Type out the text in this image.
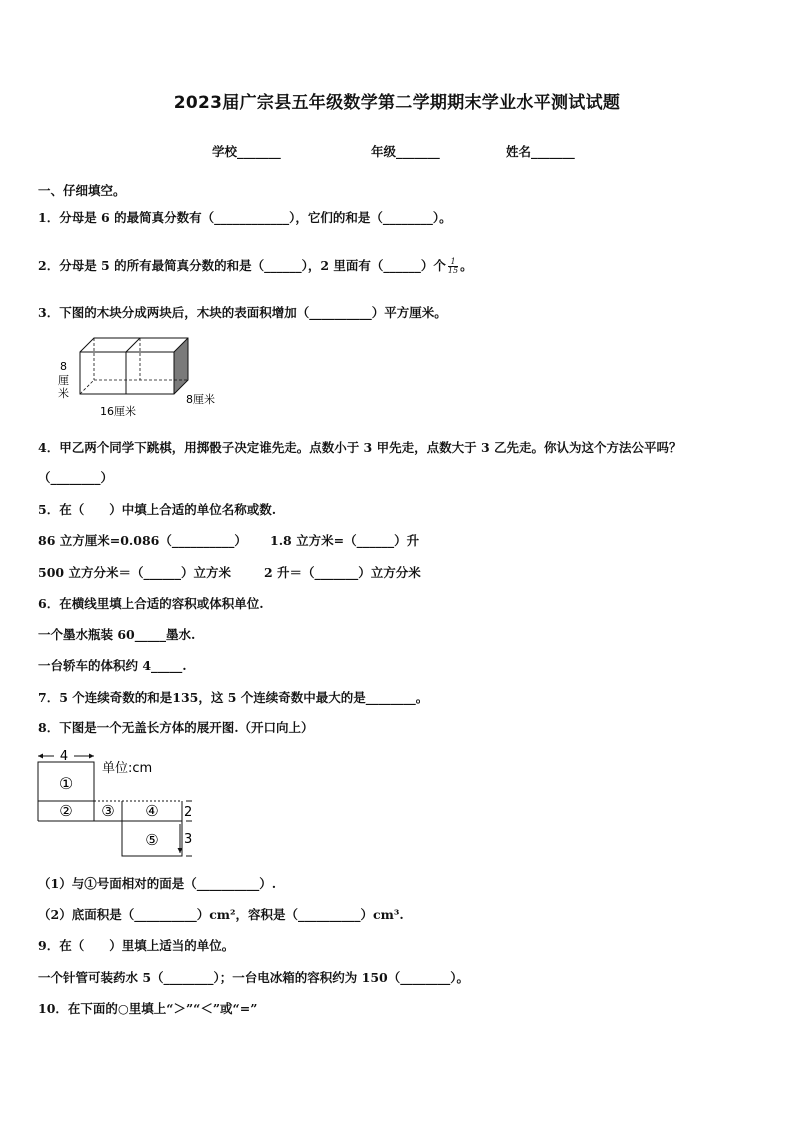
2023届广宗县五年级数学第二学期期末学业水平测试试题
学校_______	年级_______	姓名_______
一、仔细填空。
1．分母是 6 的最简真分数有（____________），它们的和是（________）。
2．分母是 5 的所有最简真分数的和是（______），2 里面有（______）个 $\frac{1}{15}$ 。
3．下图的木块分成两块后，木块的表面积增加（__________）平方厘米。
8
厘
米
16厘米
8厘米
4．甲乙两个同学下跳棋，用掷骰子决定谁先走。点数小于 3 甲先走，点数大于 3 乙先走。你认为这个方法公平吗？
（________）
5．在（　　）中填上合适的单位名称或数.
86 立方厘米=0.086（__________） 1.8 立方米=（______）升
500 立方分米＝（______）立方米	2 升＝（_______）立方分米
6．在横线里填上合适的容积或体积单位.
一个墨水瓶装 60_____墨水.
一台轿车的体积约 4_____.
7．5 个连续奇数的和是135，这 5 个连续奇数中最大的是________。
8．下图是一个无盖长方体的展开图.（开口向上）
4
单位:cm
①
② ③ ④
⑤
2
3
（1）与①号面相对的面是（__________）.
（2）底面积是（__________）cm²，容积是（__________）cm³.
9．在（　　）里填上适当的单位。
一个针管可装药水 5（________）；一台电冰箱的容积约为 150（________）。
10．在下面的○里填上“＞”“＜”或“=”
